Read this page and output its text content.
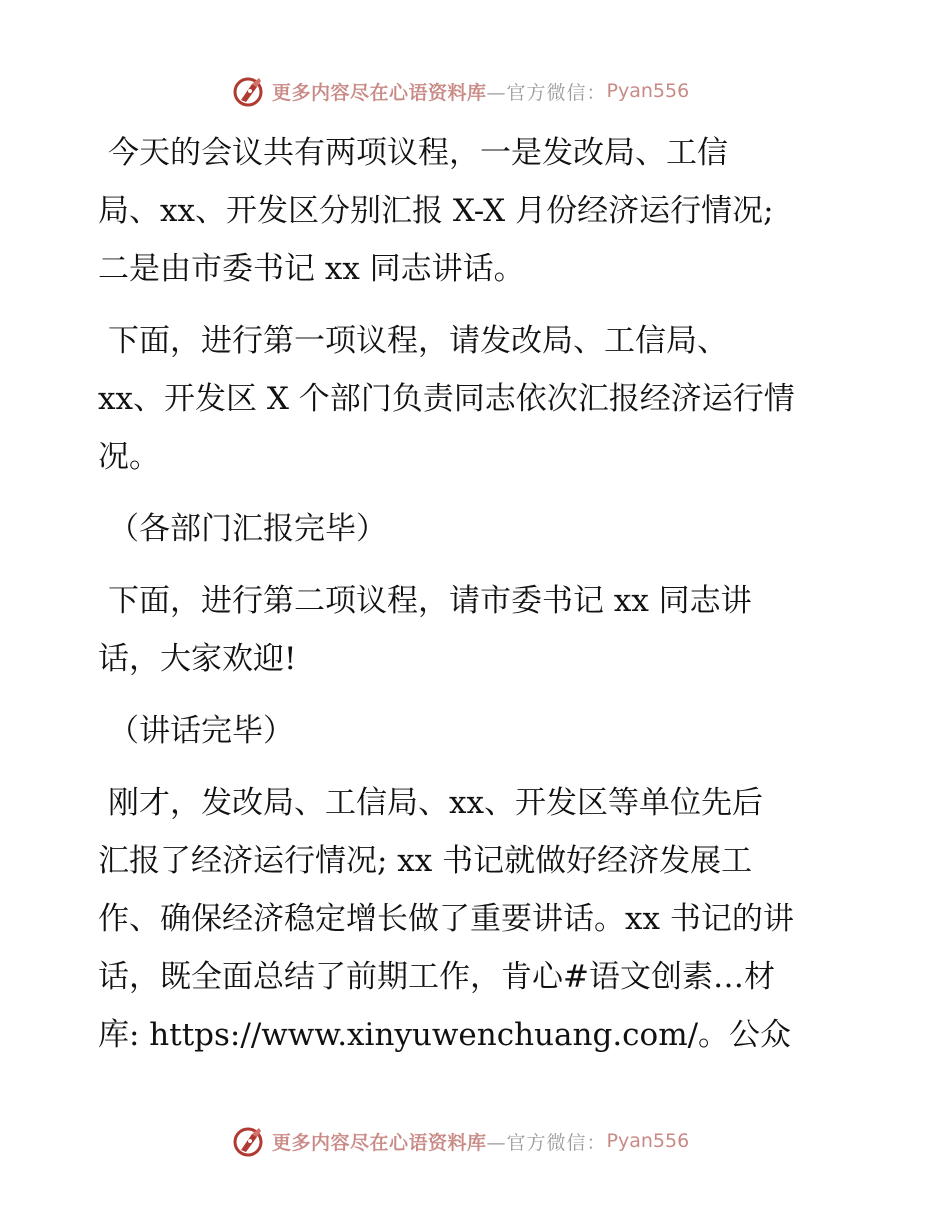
更多内容尽在心语资料库 —官方微信： Pyan556

今天的会议共有两项议程，一是发改局、工信
局、xx、开发区分别汇报 X-X 月份经济运行情况;
二是由市委书记 xx 同志讲话。

下面，进行第一项议程，请发改局、工信局、
xx、开发区 X 个部门负责同志依次汇报经济运行情
况。

（各部门汇报完毕）

下面，进行第二项议程，请市委书记 xx 同志讲
话，大家欢迎!

（讲话完毕）

刚才，发改局、工信局、xx、开发区等单位先后
汇报了经济运行情况; xx 书记就做好经济发展工
作、确保经济稳定增长做了重要讲话。xx 书记的讲
话，既全面总结了前期工作，肯心#语文创素…材
库: https://www.xinyuwenchuang.com/。公众

更多内容尽在心语资料库 —官方微信： Pyan556
